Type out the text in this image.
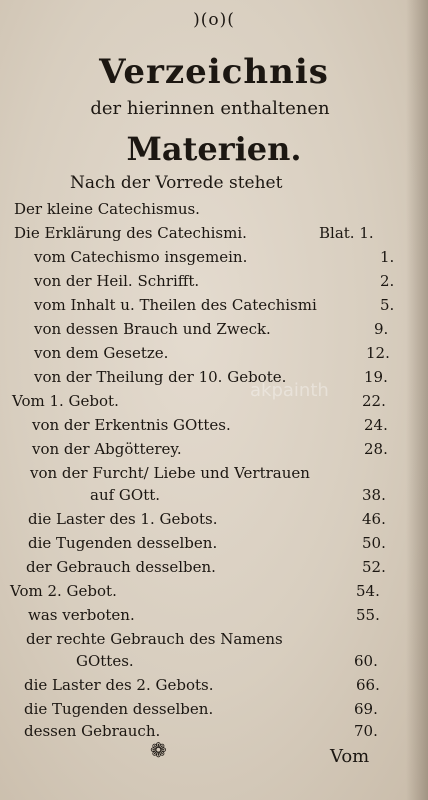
)(o)(
Verzeichnis
der hierinnen enthaltenen
Materien.
Nach der Vorrede stehet
Der kleine Catechismus.
Die Erklärung des Catechismi.	Blat. 1.
vom Catechismo insgemein.	1.
von der Heil. Schrifft.	2.
vom Inhalt u. Theilen des Catechismi	5.
von dessen Brauch und Zweck.	9.
von dem Gesetze.	12.
von der Theilung der 10. Gebote.	19.
Vom 1. Gebot.	22.
von der Erkentnis GOttes.	24.
von der Abgötterey.	28.
von der Furcht/ Liebe und Vertrauen
auf GOtt.	38.
die Laster des 1. Gebots.	46.
die Tugenden desselben.	50.
der Gebrauch desselben.	52.
Vom 2. Gebot.	54.
was verboten.	55.
der rechte Gebrauch des Namens
GOttes.	60.
die Laster des 2. Gebots.	66.
die Tugenden desselben.	69.
dessen Gebrauch.	70.
❁	Vom
akpainth
